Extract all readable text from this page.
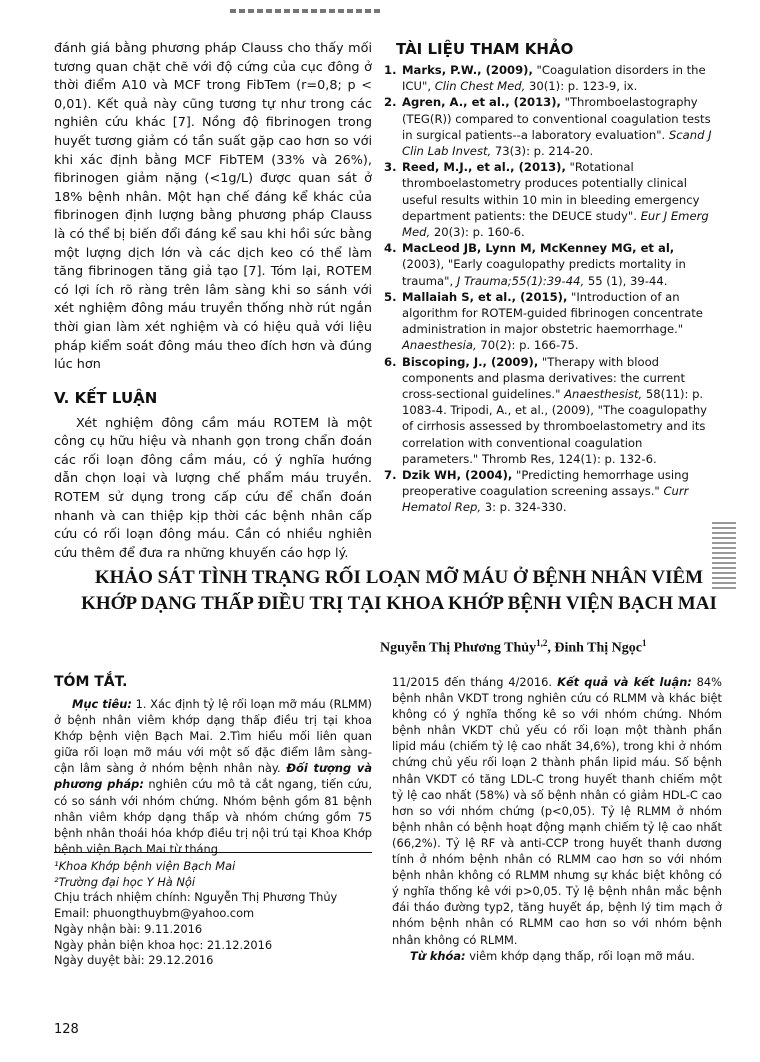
đánh giá bằng phương pháp Clauss cho thấy mối tương quan chặt chẽ với độ cứng của cục đông ở thời điểm A10 và MCF trong FibTem (r=0,8; p < 0,01). Kết quả này cũng tương tự như trong các nghiên cứu khác [7]. Nồng độ fibrinogen trong huyết tương giảm có tần suất gặp cao hơn so với khi xác định bằng MCF FibTEM (33% và 26%), fibrinogen giảm nặng (<1g/L) được quan sát ở 18% bệnh nhân. Một hạn chế đáng kể khác của fibrinogen định lượng bằng phương pháp Clauss là có thể bị biến đổi đáng kể sau khi hồi sức bằng một lượng dịch lớn và các dịch keo có thể làm tăng fibrinogen tăng giả tạo [7]. Tóm lại, ROTEM có lợi ích rõ ràng trên lâm sàng khi so sánh với xét nghiệm đông máu truyền thống nhờ rút ngắn thời gian làm xét nghiệm và có hiệu quả với liệu pháp kiểm soát đông máu theo đích hơn và đúng lúc hơn

V. KẾT LUẬN

Xét nghiệm đông cầm máu ROTEM là một công cụ hữu hiệu và nhanh gọn trong chẩn đoán các rối loạn đông cầm máu, có ý nghĩa hướng dẫn chọn loại và lượng chế phẩm máu truyền. ROTEM sử dụng trong cấp cứu để chẩn đoán nhanh và can thiệp kịp thời các bệnh nhân cấp cứu có rối loạn đông máu. Cần có nhiều nghiên cứu thêm để đưa ra những khuyến cáo hợp lý.

TÀI LIỆU THAM KHẢO

1. Marks, P.W., (2009), "Coagulation disorders in the ICU", Clin Chest Med, 30(1): p. 123-9, ix.
2. Agren, A., et al., (2013), "Thromboelastography (TEG(R)) compared to conventional coagulation tests in surgical patients--a laboratory evaluation". Scand J Clin Lab Invest, 73(3): p. 214-20.
3. Reed, M.J., et al., (2013), "Rotational thromboelastometry produces potentially clinical useful results within 10 min in bleeding emergency department patients: the DEUCE study". Eur J Emerg Med, 20(3): p. 160-6.
4. MacLeod JB, Lynn M, McKenney MG, et al, (2003), "Early coagulopathy predicts mortality in trauma", J Trauma;55(1):39-44, 55 (1), 39-44.
5. Mallaiah S, et al., (2015), "Introduction of an algorithm for ROTEM-guided fibrinogen concentrate administration in major obstetric haemorrhage." Anaesthesia, 70(2): p. 166-75.
6. Biscoping, J., (2009), "Therapy with blood components and plasma derivatives: the current cross-sectional guidelines." Anaesthesist, 58(11): p. 1083-4. Tripodi, A., et al., (2009), "The coagulopathy of cirrhosis assessed by thromboelastometry and its correlation with conventional coagulation parameters." Thromb Res, 124(1): p. 132-6.
7. Dzik WH, (2004), "Predicting hemorrhage using preoperative coagulation screening assays." Curr Hematol Rep, 3: p. 324-330.
KHẢO SÁT TÌNH TRẠNG RỐI LOẠN MỠ MÁU Ở BỆNH NHÂN VIÊM
KHỚP DẠNG THẤP ĐIỀU TRỊ TẠI KHOA KHỚP BỆNH VIỆN BẠCH MAI

Nguyễn Thị Phương Thủy$^{1,2}$, Đinh Thị Ngọc$^1$

TÓM TẮT.

Mục tiêu: 1. Xác định tỷ lệ rối loạn mỡ máu (RLMM) ở bệnh nhân viêm khớp dạng thấp điều trị tại khoa Khớp bệnh viện Bạch Mai. 2.Tìm hiểu mối liên quan giữa rối loạn mỡ máu với một số đặc điểm lâm sàng- cận lâm sàng ở nhóm bệnh nhân này. Đối tượng và phương pháp: nghiên cứu mô tả cắt ngang, tiến cứu, có so sánh với nhóm chứng. Nhóm bệnh gồm 81 bệnh nhân viêm khớp dạng thấp và nhóm chứng gồm 75 bệnh nhân thoái hóa khớp điều trị nội trú tại Khoa Khớp bệnh viện Bạch Mai từ tháng

¹Khoa Khớp bệnh viện Bạch Mai

²Trường đại học Y Hà Nội

Chịu trách nhiệm chính: Nguyễn Thị Phương Thủy

Email: phuongthuybm@yahoo.com

Ngày nhận bài: 9.11.2016

Ngày phản biện khoa học: 21.12.2016

Ngày duyệt bài: 29.12.2016

11/2015 đến tháng 4/2016. Kết quả và kết luận: 84% bệnh nhân VKDT trong nghiên cứu có RLMM và khác biệt không có ý nghĩa thống kê so với nhóm chứng. Nhóm bệnh nhân VKDT chủ yếu có rối loạn một thành phần lipid máu (chiếm tỷ lệ cao nhất 34,6%), trong khi ở nhóm chứng chủ yếu rối loạn 2 thành phần lipid máu. Số bệnh nhân VKDT có tăng LDL-C trong huyết thanh chiếm một tỷ lệ cao nhất (58%) và số bệnh nhân có giảm HDL-C cao hơn so với nhóm chứng (p<0,05). Tỷ lệ RLMM ở nhóm bệnh nhân có bệnh hoạt động mạnh chiếm tỷ lệ cao nhất (66,2%). Tỷ lệ RF và anti-CCP trong huyết thanh dương tính ở nhóm bệnh nhân có RLMM cao hơn so với nhóm bệnh nhân không có RLMM nhưng sự khác biệt không có ý nghĩa thống kê với p>0,05. Tỷ lệ bệnh nhân mắc bệnh đái tháo đường typ2, tăng huyết áp, bệnh lý tim mạch ở nhóm bệnh nhân có RLMM cao hơn so với nhóm bệnh nhân không có RLMM.

Từ khóa: viêm khớp dạng thấp, rối loạn mỡ máu.

128
